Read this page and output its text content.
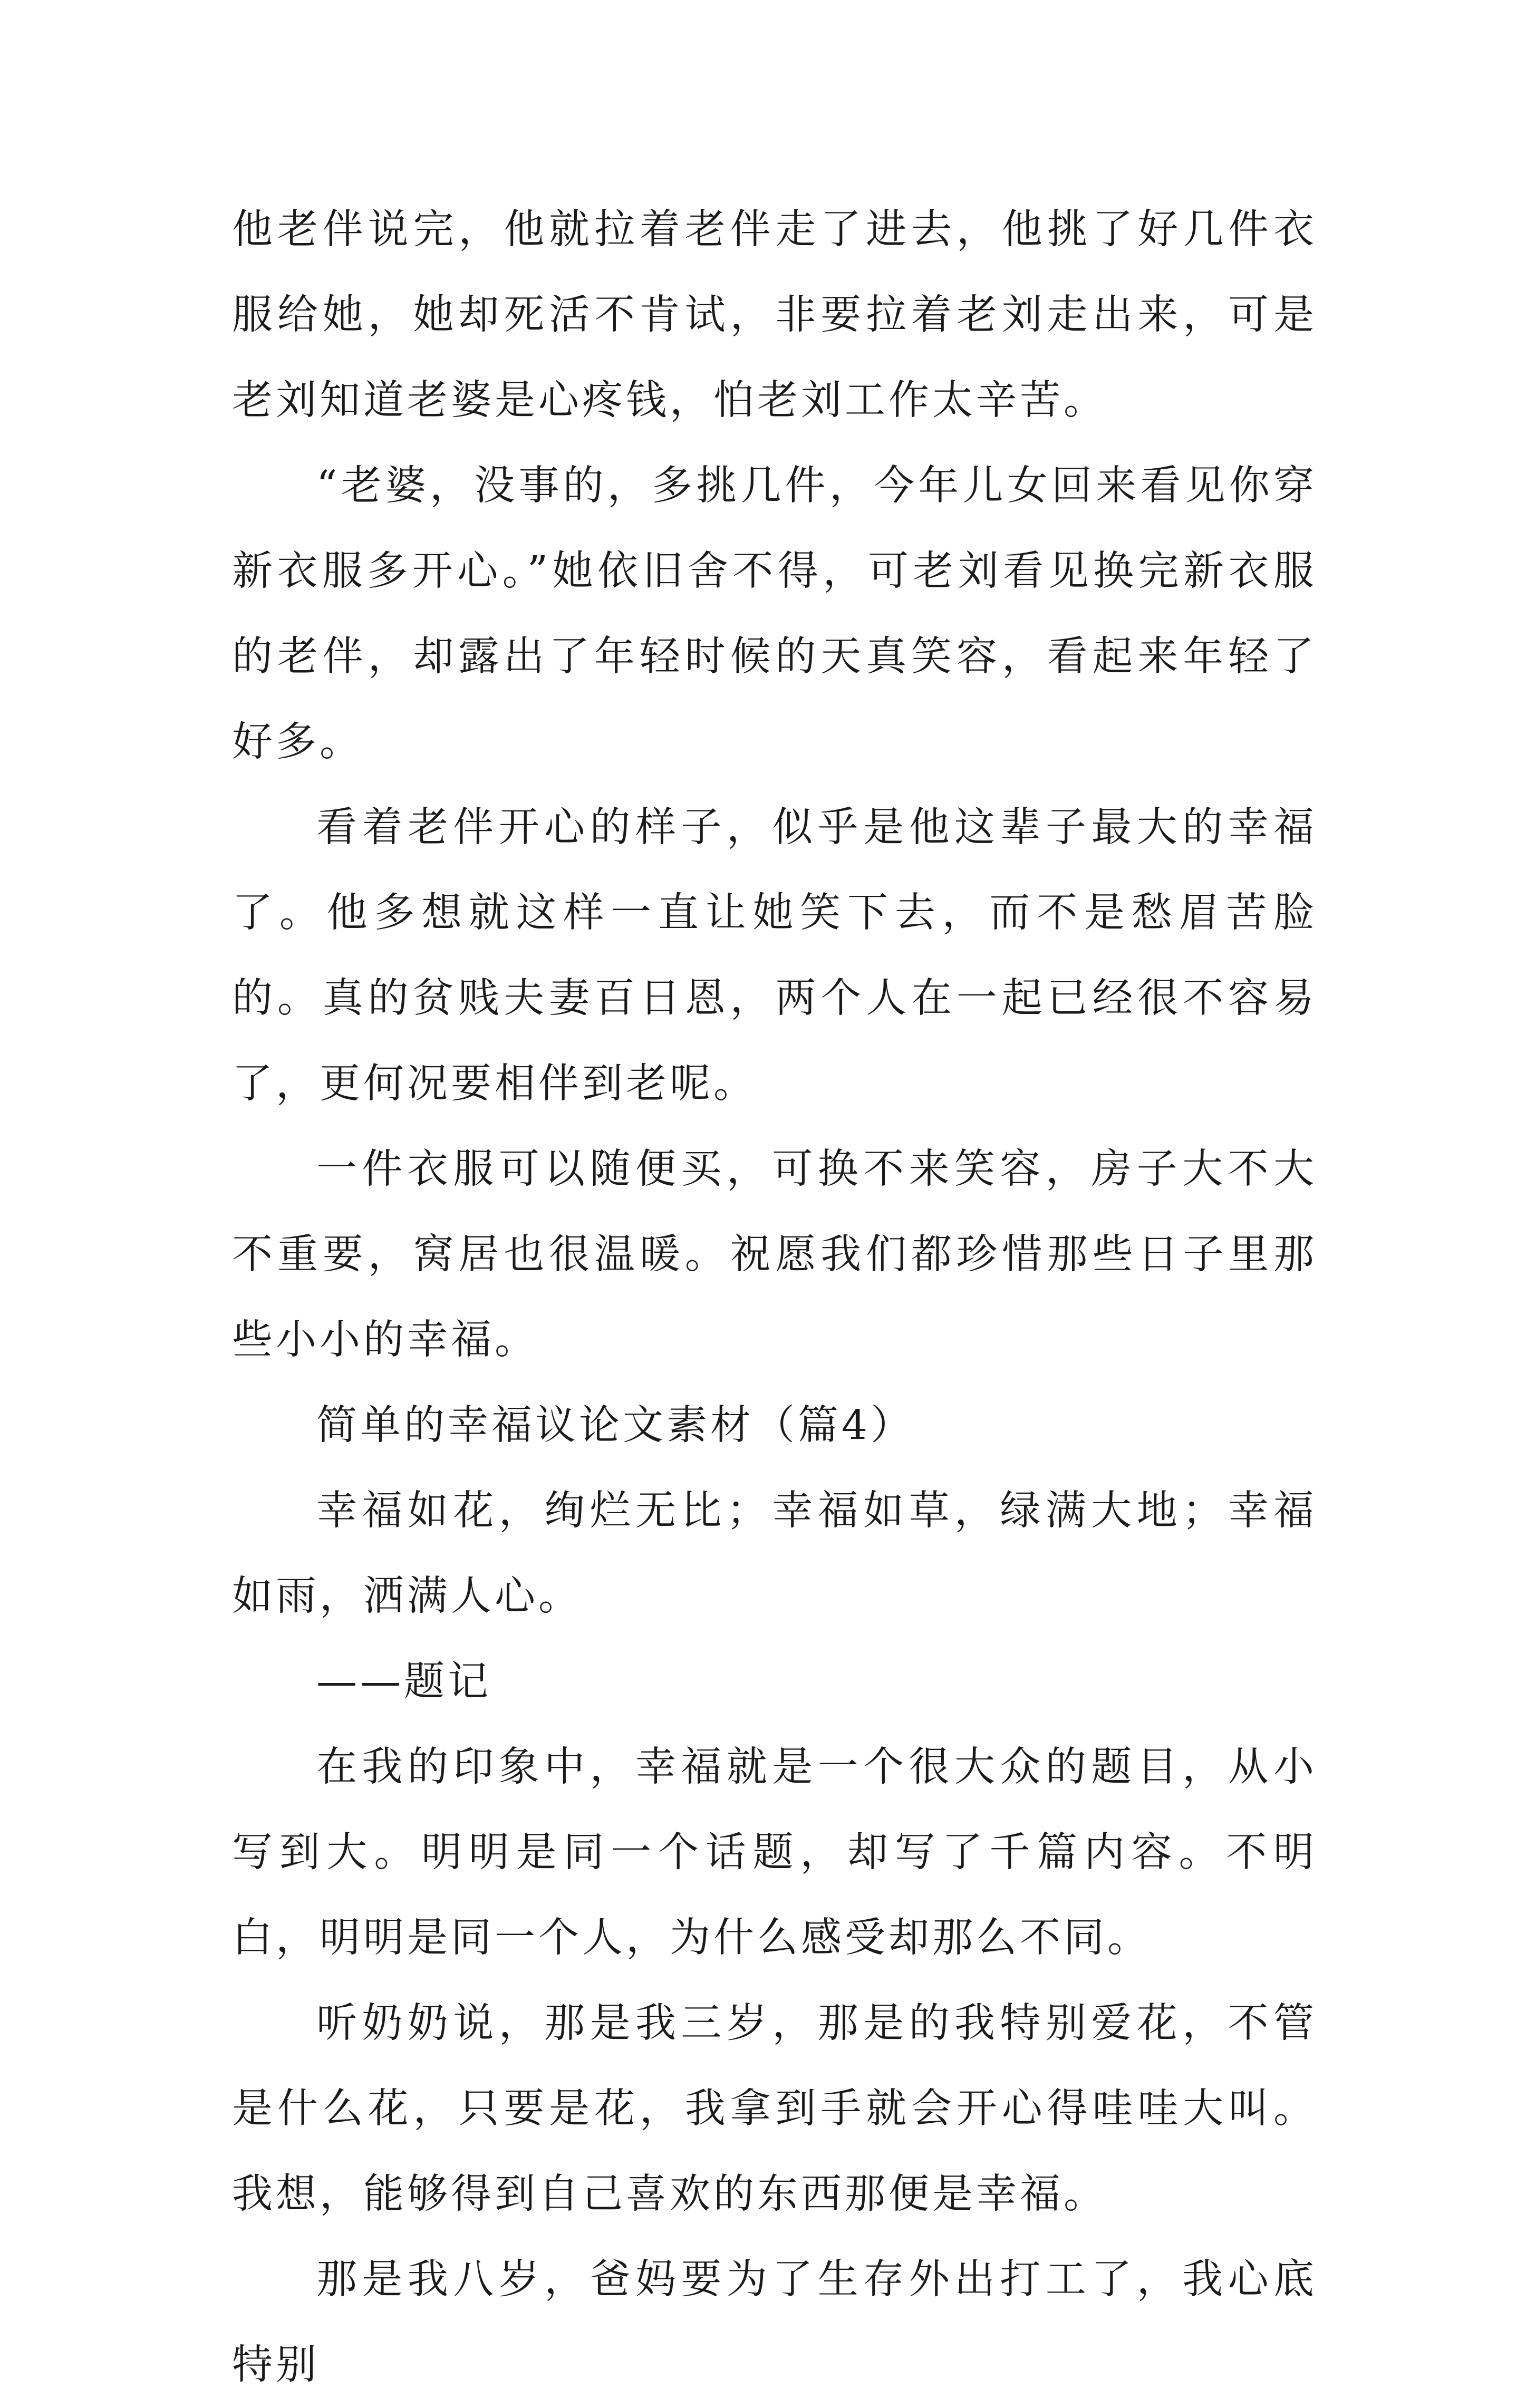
他老伴说完，他就拉着老伴走了进去，他挑了好几件衣服给她，她却死活不肯试，非要拉着老刘走出来，可是老刘知道老婆是心疼钱，怕老刘工作太辛苦。

“老婆，没事的，多挑几件，今年儿女回来看见你穿新衣服多开心。”她依旧舍不得，可老刘看见换完新衣服的老伴，却露出了年轻时候的天真笑容，看起来年轻了好多。

看着老伴开心的样子，似乎是他这辈子最大的幸福了。他多想就这样一直让她笑下去，而不是愁眉苦脸的。真的贫贱夫妻百日恩，两个人在一起已经很不容易了，更何况要相伴到老呢。

一件衣服可以随便买，可换不来笑容，房子大不大不重要，窝居也很温暖。祝愿我们都珍惜那些日子里那些小小的幸福。

简单的幸福议论文素材（篇4）

幸福如花，绚烂无比；幸福如草，绿满大地；幸福如雨，洒满人心。

——题记

在我的印象中，幸福就是一个很大众的题目，从小写到大。明明是同一个话题，却写了千篇内容。不明白，明明是同一个人，为什么感受却那么不同。

听奶奶说，那是我三岁，那是的我特别爱花，不管是什么花，只要是花，我拿到手就会开心得哇哇大叫。我想，能够得到自己喜欢的东西那便是幸福。

那是我八岁，爸妈要为了生存外出打工了，我心底特别
